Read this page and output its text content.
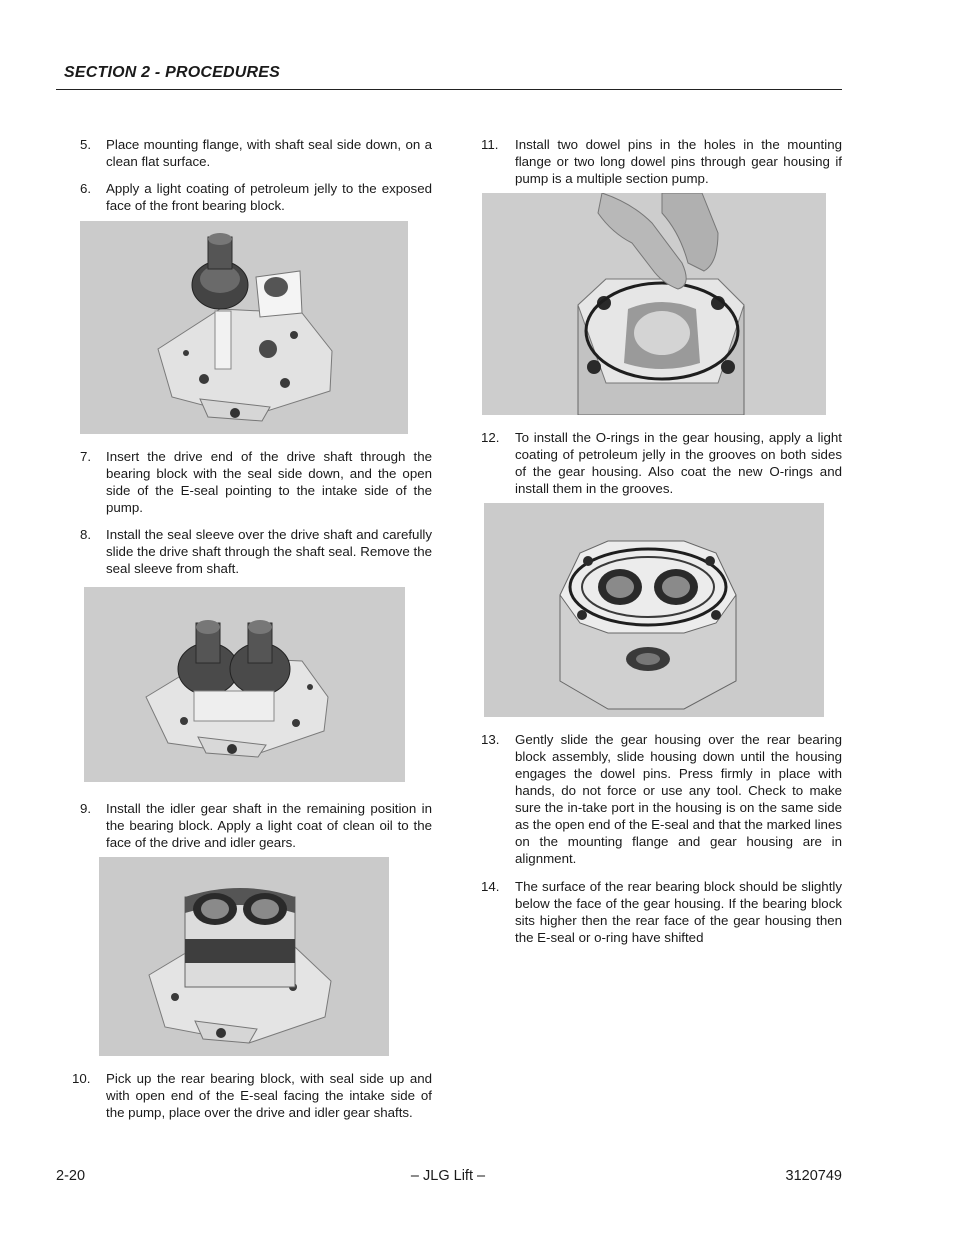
SECTION 2 - PROCEDURES
5. Place mounting flange, with shaft seal side down, on a clean flat surface.
6. Apply a light coating of petroleum jelly to the exposed face of the front bearing block.
7. Insert the drive end of the drive shaft through the bearing block with the seal side down, and the open side of the E-seal pointing to the intake side of the pump.
8. Install the seal sleeve over the drive shaft and carefully slide the drive shaft through the shaft seal. Remove the seal sleeve from shaft.
9. Install the idler gear shaft in the remaining position in the bearing block. Apply a light coat of clean oil to the face of the drive and idler gears.
10. Pick up the rear bearing block, with seal side up and with open end of the E-seal facing the intake side of the pump, place over the drive and idler gear shafts.
11. Install two dowel pins in the holes in the mounting flange or two long dowel pins through gear housing if pump is a multiple section pump.
12. To install the O-rings in the gear housing, apply a light coating of petroleum jelly in the grooves on both sides of the gear housing. Also coat the new O-rings and install them in the grooves.
13. Gently slide the gear housing over the rear bearing block assembly, slide housing down until the housing engages the dowel pins. Press firmly in place with hands, do not force or use any tool. Check to make sure the in-take port in the housing is on the same side as the open end of the E-seal and that the marked lines on the mounting flange and gear housing are in alignment.
14. The surface of the rear bearing block should be slightly below the face of the gear housing. If the bearing block sits higher then the rear face of the gear housing then the E-seal or o-ring have shifted
2-20	– JLG Lift –	3120749
